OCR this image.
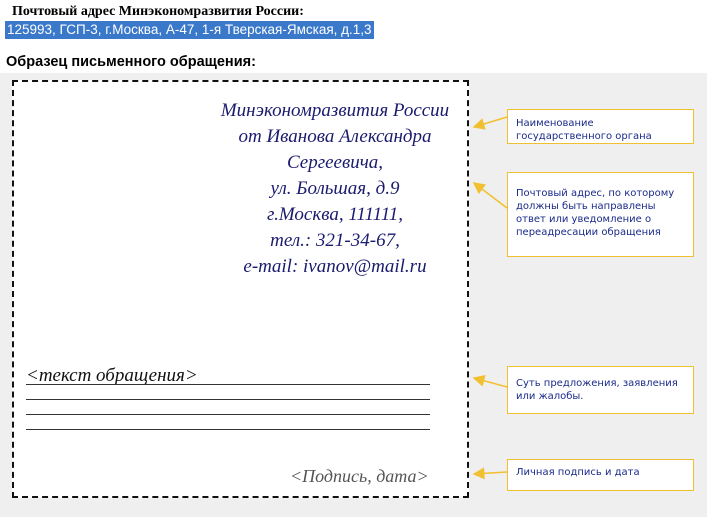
Почтовый адрес Минэкономразвития России:
125993, ГСП-3, г.Москва, А-47, 1-я Тверская-Ямская, д.1,3
Образец письменного обращения:
Минэкономразвития России
от Иванова Александра
Сергеевича,
ул. Большая, д.9
г.Москва, 111111,
тел.: 321-34-67,
e-mail: ivanov@mail.ru
<текст обращения>
<Подпись, дата>
Наименование государственного органа
Почтовый адрес, по которому должны быть направлены ответ или уведомление о переадресации обращения
Суть предложения, заявления или жалобы.
Личная подпись и дата
